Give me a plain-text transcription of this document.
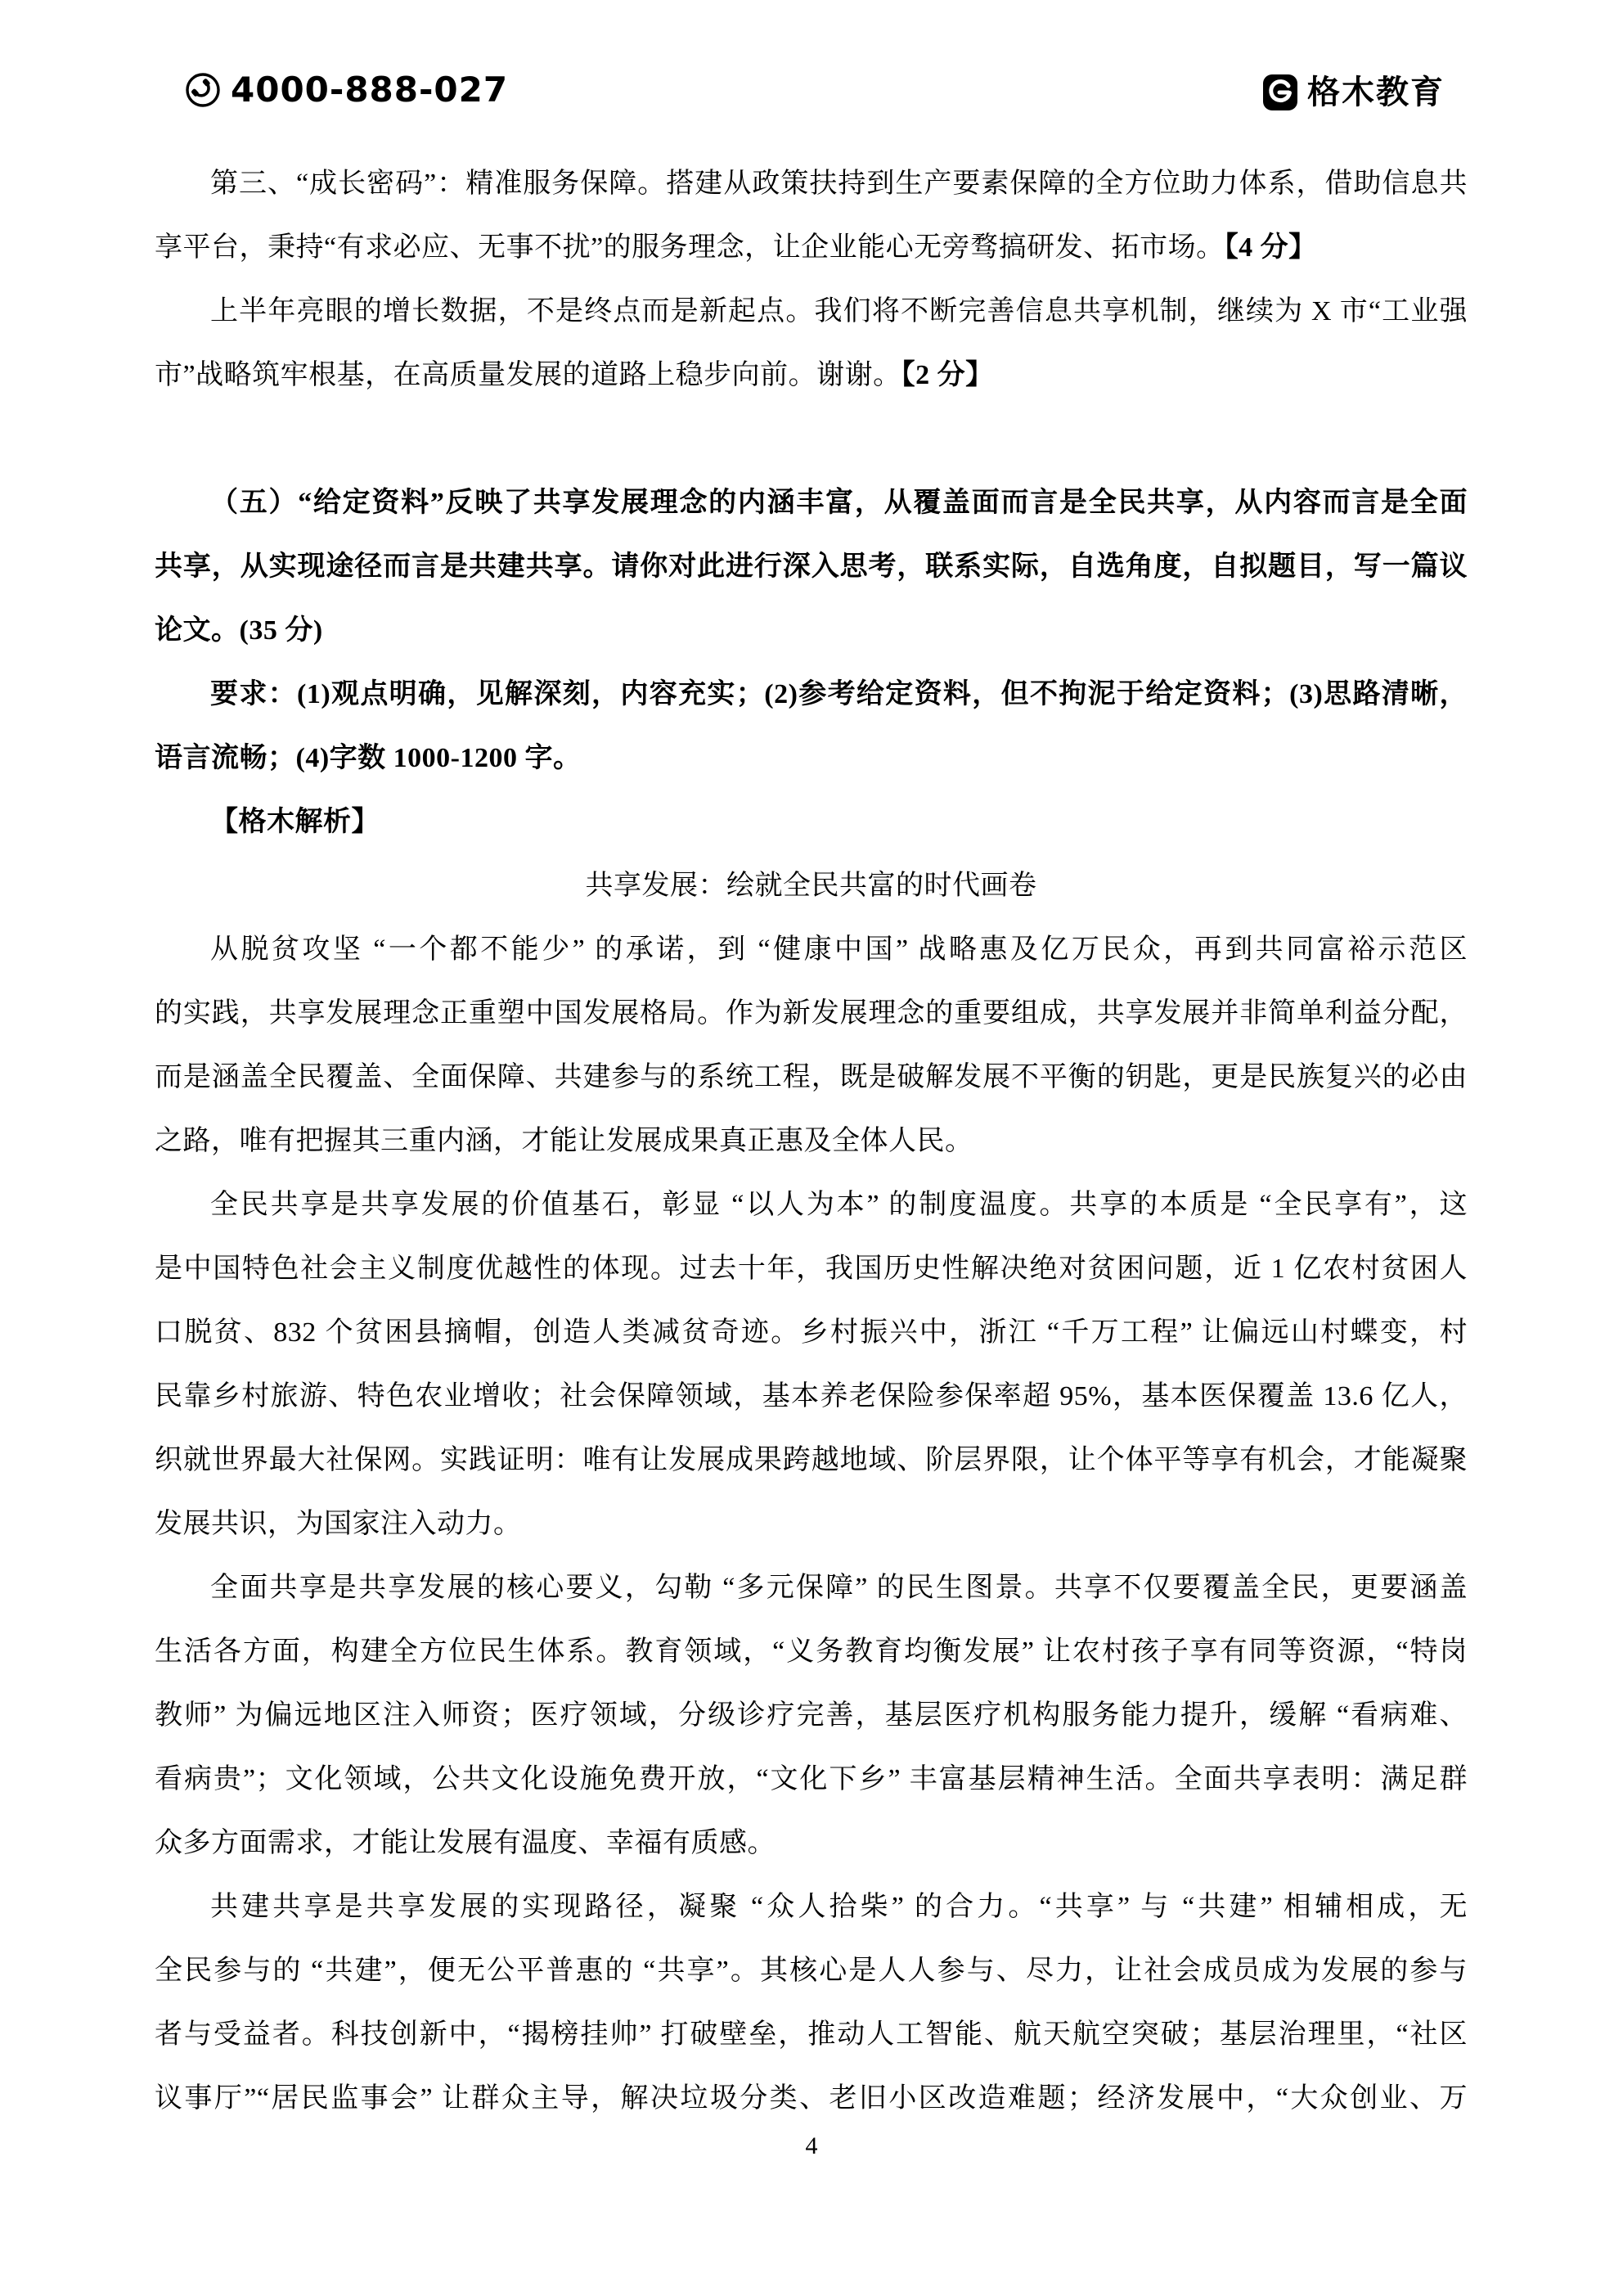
4000-888-027	格木教育
第三、“成长密码”：精准服务保障。搭建从政策扶持到生产要素保障的全方位助力体系，借助信息共
享平台，秉持“有求必应、无事不扰”的服务理念，让企业能心无旁骛搞研发、拓市场。【4 分】
上半年亮眼的增长数据，不是终点而是新起点。我们将不断完善信息共享机制，继续为 X 市“工业强
市”战略筑牢根基，在高质量发展的道路上稳步向前。谢谢。【2 分】
（五）“给定资料”反映了共享发展理念的内涵丰富，从覆盖面而言是全民共享，从内容而言是全面
共享，从实现途径而言是共建共享。请你对此进行深入思考，联系实际，自选角度，自拟题目，写一篇议
论文。(35 分)
要求：(1)观点明确，见解深刻，内容充实；(2)参考给定资料，但不拘泥于给定资料；(3)思路清晰，
语言流畅；(4)字数 1000-1200 字。
【格木解析】
共享发展：绘就全民共富的时代画卷
从脱贫攻坚 “一个都不能少” 的承诺，到 “健康中国” 战略惠及亿万民众，再到共同富裕示范区
的实践，共享发展理念正重塑中国发展格局。作为新发展理念的重要组成，共享发展并非简单利益分配，
而是涵盖全民覆盖、全面保障、共建参与的系统工程，既是破解发展不平衡的钥匙，更是民族复兴的必由
之路，唯有把握其三重内涵，才能让发展成果真正惠及全体人民。
全民共享是共享发展的价值基石，彰显 “以人为本” 的制度温度。共享的本质是 “全民享有”，这
是中国特色社会主义制度优越性的体现。过去十年，我国历史性解决绝对贫困问题，近 1 亿农村贫困人
口脱贫、832 个贫困县摘帽，创造人类减贫奇迹。乡村振兴中，浙江 “千万工程” 让偏远山村蝶变，村
民靠乡村旅游、特色农业增收；社会保障领域，基本养老保险参保率超 95%，基本医保覆盖 13.6 亿人，
织就世界最大社保网。实践证明：唯有让发展成果跨越地域、阶层界限，让个体平等享有机会，才能凝聚
发展共识，为国家注入动力。
全面共享是共享发展的核心要义，勾勒 “多元保障” 的民生图景。共享不仅要覆盖全民，更要涵盖
生活各方面，构建全方位民生体系。教育领域，“义务教育均衡发展” 让农村孩子享有同等资源，“特岗
教师” 为偏远地区注入师资；医疗领域，分级诊疗完善，基层医疗机构服务能力提升，缓解 “看病难、
看病贵”；文化领域，公共文化设施免费开放，“文化下乡” 丰富基层精神生活。全面共享表明：满足群
众多方面需求，才能让发展有温度、幸福有质感。
共建共享是共享发展的实现路径，凝聚 “众人拾柴” 的合力。“共享” 与 “共建” 相辅相成，无
全民参与的 “共建”，便无公平普惠的 “共享”。其核心是人人参与、尽力，让社会成员成为发展的参与
者与受益者。科技创新中，“揭榜挂帅” 打破壁垒，推动人工智能、航天航空突破；基层治理里，“社区
议事厅”“居民监事会” 让群众主导，解决垃圾分类、老旧小区改造难题；经济发展中，“大众创业、万
4
